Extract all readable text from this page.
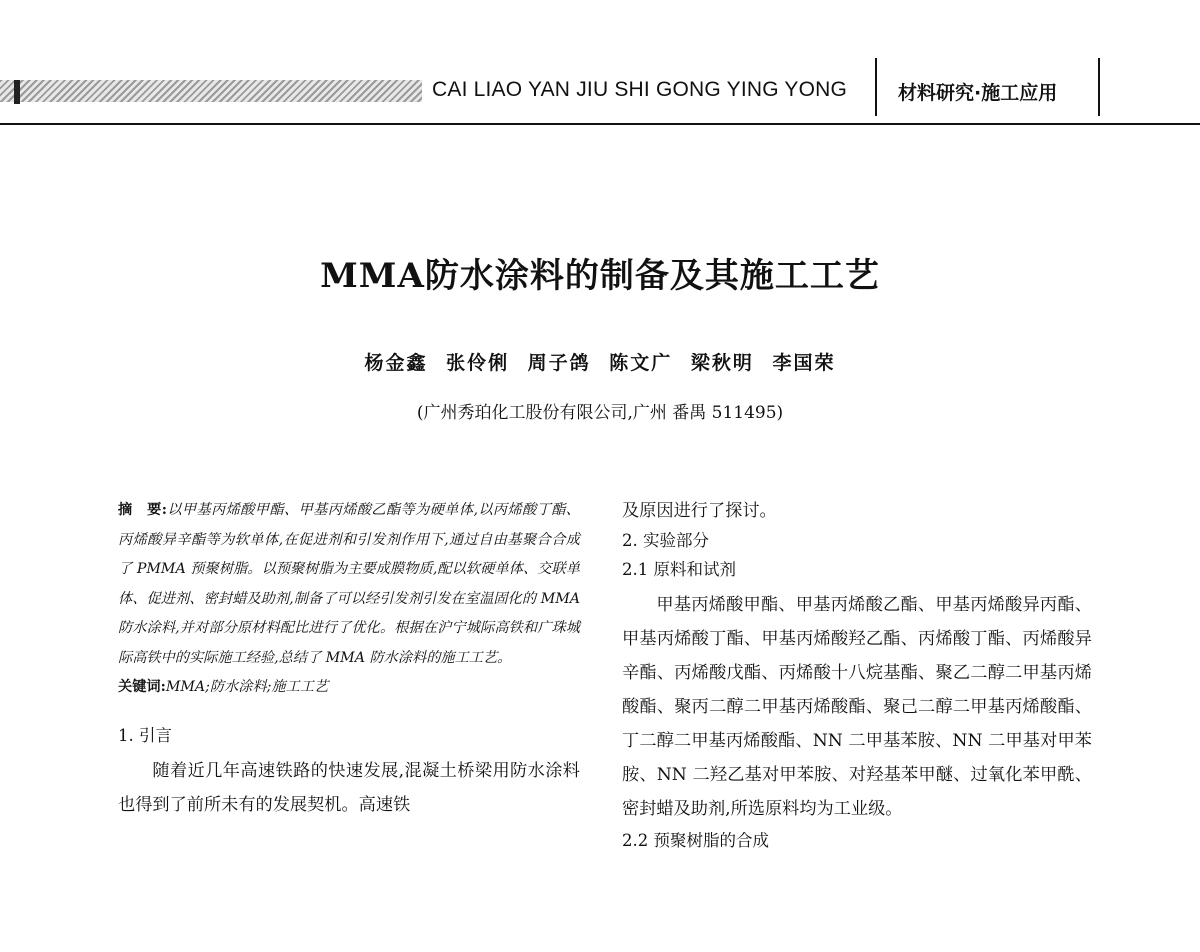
CAI LIAO YAN JIU SHI GONG YING YONG	材料研究·施工应用
MMA防水涂料的制备及其施工工艺
杨金鑫 张伶俐 周子鸽 陈文广 梁秋明 李国荣
(广州秀珀化工股份有限公司,广州 番禺 511495)

摘　要:以甲基丙烯酸甲酯、甲基丙烯酸乙酯等为硬单体,以丙烯酸丁酯、丙烯酸异辛酯等为软单体,在促进剂和引发剂作用下,通过自由基聚合合成了 PMMA 预聚树脂。以预聚树脂为主要成膜物质,配以软硬单体、交联单体、促进剂、密封蜡及助剂,制备了可以经引发剂引发在室温固化的 MMA 防水涂料,并对部分原材料配比进行了优化。根据在沪宁城际高铁和广珠城际高铁中的实际施工经验,总结了 MMA 防水涂料的施工工艺。

关键词:MMA;防水涂料;施工工艺

1. 引言

随着近几年高速铁路的快速发展,混凝土桥梁用防水涂料也得到了前所未有的发展契机。高速铁

及原因进行了探讨。

2. 实验部分

2.1 原料和试剂

甲基丙烯酸甲酯、甲基丙烯酸乙酯、甲基丙烯酸异丙酯、甲基丙烯酸丁酯、甲基丙烯酸羟乙酯、丙烯酸丁酯、丙烯酸异辛酯、丙烯酸戊酯、丙烯酸十八烷基酯、聚乙二醇二甲基丙烯酸酯、聚丙二醇二甲基丙烯酸酯、聚己二醇二甲基丙烯酸酯、丁二醇二甲基丙烯酸酯、NN 二甲基苯胺、NN 二甲基对甲苯胺、NN 二羟乙基对甲苯胺、对羟基苯甲醚、过氧化苯甲酰、密封蜡及助剂,所选原料均为工业级。

2.2 预聚树脂的合成
